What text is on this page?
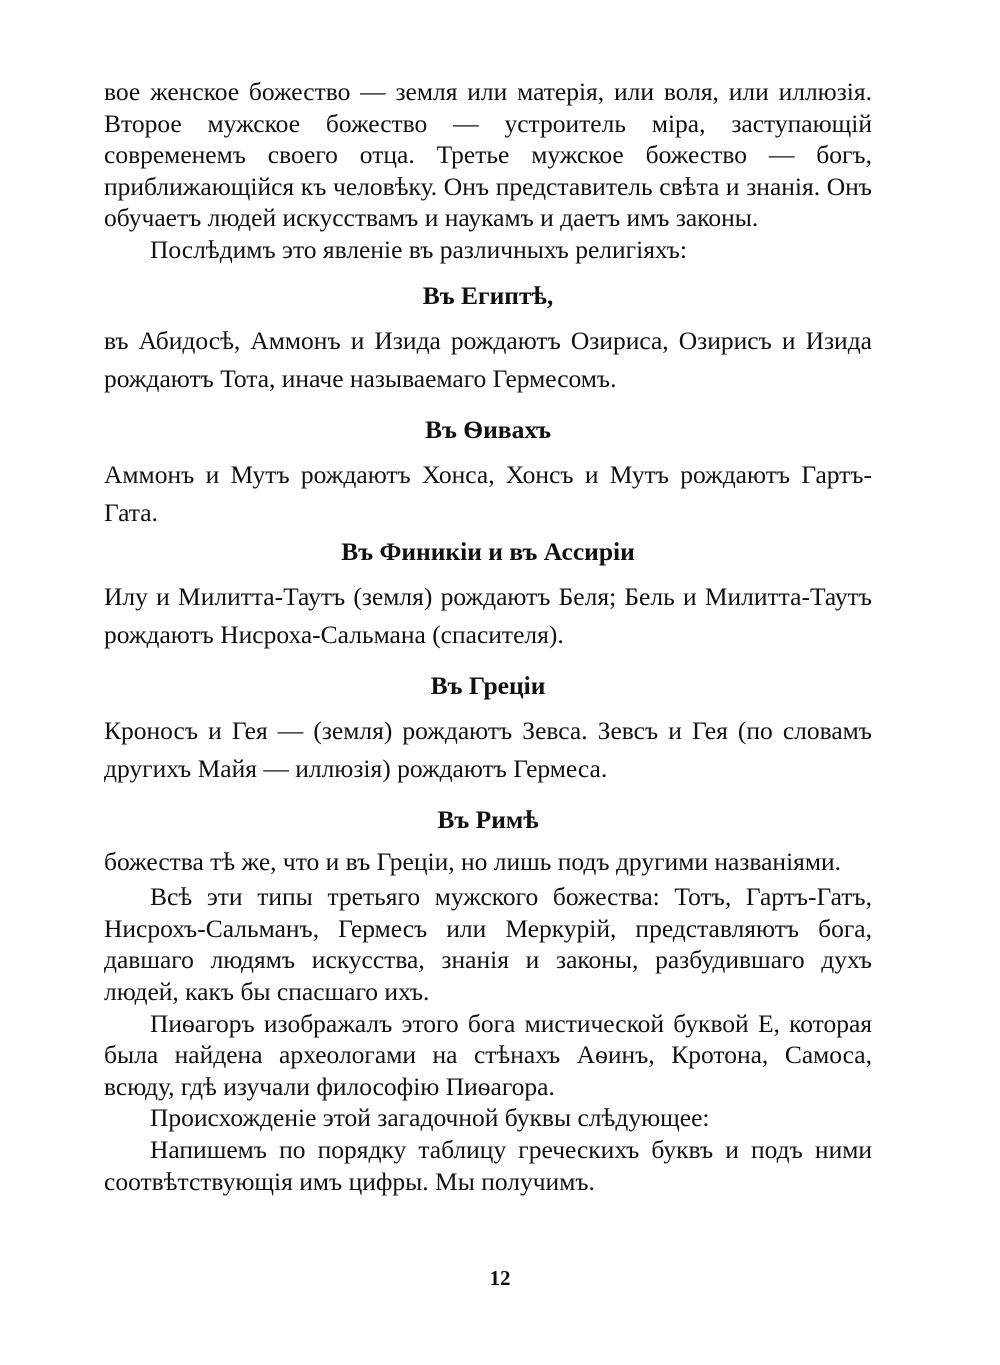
вое женское божество — земля или матерія, или воля, или иллюзія. Второе мужское божество — устроитель міра, заступающій современемъ своего отца. Третье мужское божество — богъ, приближающійся къ человѣку. Онъ представитель свѣта и знанія. Онъ обучаетъ людей искусствамъ и наукамъ и даетъ имъ законы.

Послѣдимъ это явленіе въ различныхъ религіяхъ:

Въ Египтѣ,

въ Абидосѣ, Аммонъ и Изида рождаютъ Озириса, Озирисъ и Изида рождаютъ Тота, иначе называемаго Гермесомъ.

Въ Ѳивахъ

Аммонъ и Мутъ рождаютъ Хонса, Хонсъ и Мутъ рождаютъ Гартъ-Гата.

Въ Финикіи и въ Ассиріи

Илу и Милитта-Таутъ (земля) рождаютъ Беля; Бель и Милитта-Таутъ рождаютъ Нисроха-Сальмана (спасителя).

Въ Греціи

Кроносъ и Гея — (земля) рождаютъ Зевса. Зевсъ и Гея (по словамъ другихъ Майя — иллюзія) рождаютъ Гермеса.

Въ Римѣ

божества тѣ же, что и въ Греціи, но лишь подъ другими названіями.

Всѣ эти типы третьяго мужского божества: Тотъ, Гартъ-Гатъ, Нисрохъ-Сальманъ, Гермесъ или Меркурій, представляютъ бога, давшаго людямъ искусства, знанія и законы, разбудившаго духъ людей, какъ бы спасшаго ихъ.

Пиѳагоръ изображалъ этого бога мистической буквой Е, которая была найдена археологами на стѣнахъ Аѳинъ, Кротона, Самоса, всюду, гдѣ изучали философію Пиѳагора.

Происхожденіе этой загадочной буквы слѣдующее:

Напишемъ по порядку таблицу греческихъ буквъ и подъ ними соотвѣтствующія имъ цифры. Мы получимъ.

12
